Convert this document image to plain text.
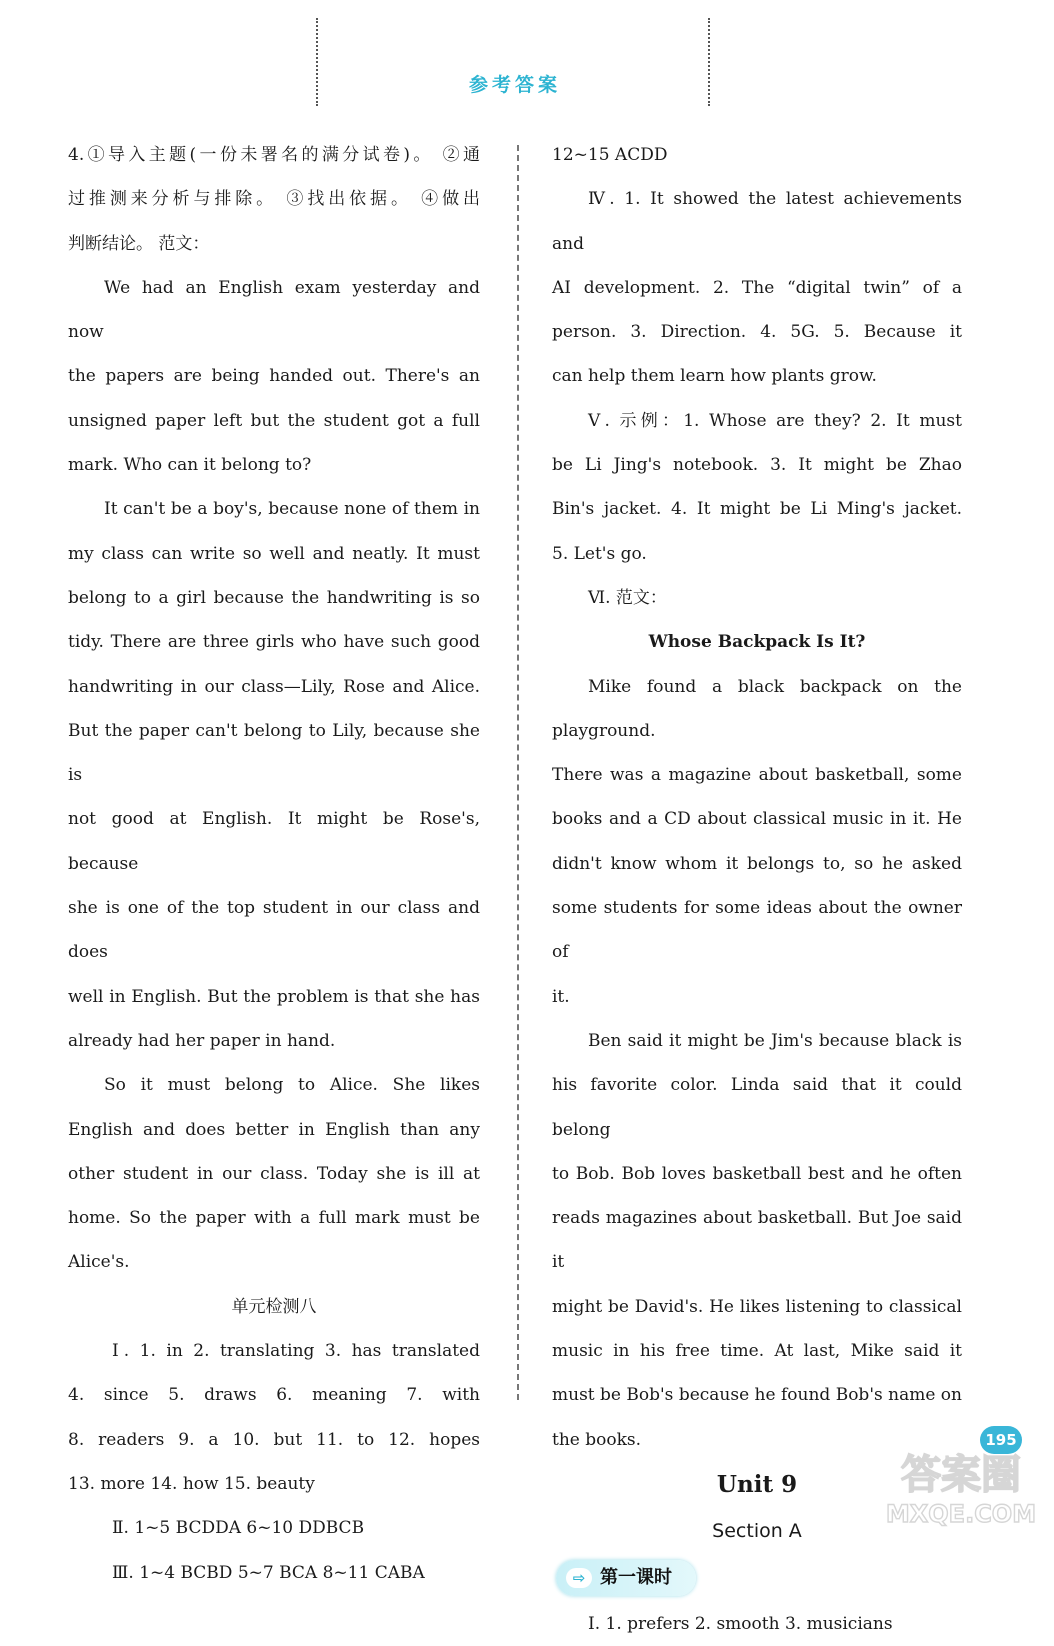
参考答案

4.①导入主题(一份未署名的满分试卷)。 ②通

过推测来分析与排除。 ③找出依据。 ④做出

判断结论。 范文：

We had an English exam yesterday and now

the papers are being handed out. There's an

unsigned paper left but the student got a full

mark. Who can it belong to?

It can't be a boy's, because none of them in

my class can write so well and neatly. It must

belong to a girl because the handwriting is so

tidy. There are three girls who have such good

handwriting in our class—Lily, Rose and Alice.

But the paper can't belong to Lily, because she is

not good at English. It might be Rose's, because

she is one of the top student in our class and does

well in English. But the problem is that she has

already had her paper in hand.

So it must belong to Alice. She likes

English and does better in English than any

other student in our class. Today she is ill at

home. So the paper with a full mark must be

Alice's.

单元检测八

Ⅰ. 1. in 2. translating 3. has translated

4. since 5. draws 6. meaning 7. with

8. readers 9. a 10. but 11. to 12. hopes

13. more 14. how 15. beauty

Ⅱ. 1~5 BCDDA 6~10 DDBCB

Ⅲ. 1~4 BCBD 5~7 BCA 8~11 CABA

12~15 ACDD

Ⅳ. 1. It showed the latest achievements and

AI development. 2. The “digital twin” of a

person. 3. Direction. 4. 5G. 5. Because it

can help them learn how plants grow.

Ⅴ. 示例：1. Whose are they? 2. It must

be Li Jing's notebook. 3. It might be Zhao

Bin's jacket. 4. It might be Li Ming's jacket.

5. Let's go.

Ⅵ. 范文：

Whose Backpack Is It?

Mike found a black backpack on the playground.

There was a magazine about basketball, some

books and a CD about classical music in it. He

didn't know whom it belongs to, so he asked

some students for some ideas about the owner of

it.

Ben said it might be Jim's because black is

his favorite color. Linda said that it could belong

to Bob. Bob loves basketball best and he often

reads magazines about basketball. But Joe said it

might be David's. He likes listening to classical

music in his free time. At last, Mike said it

must be Bob's because he found Bob's name on

the books.

Unit 9

Section A

⇨ 第一课时

Ⅰ. 1. prefers 2. smooth 3. musicians

195
答案圈
MXQE.COM
